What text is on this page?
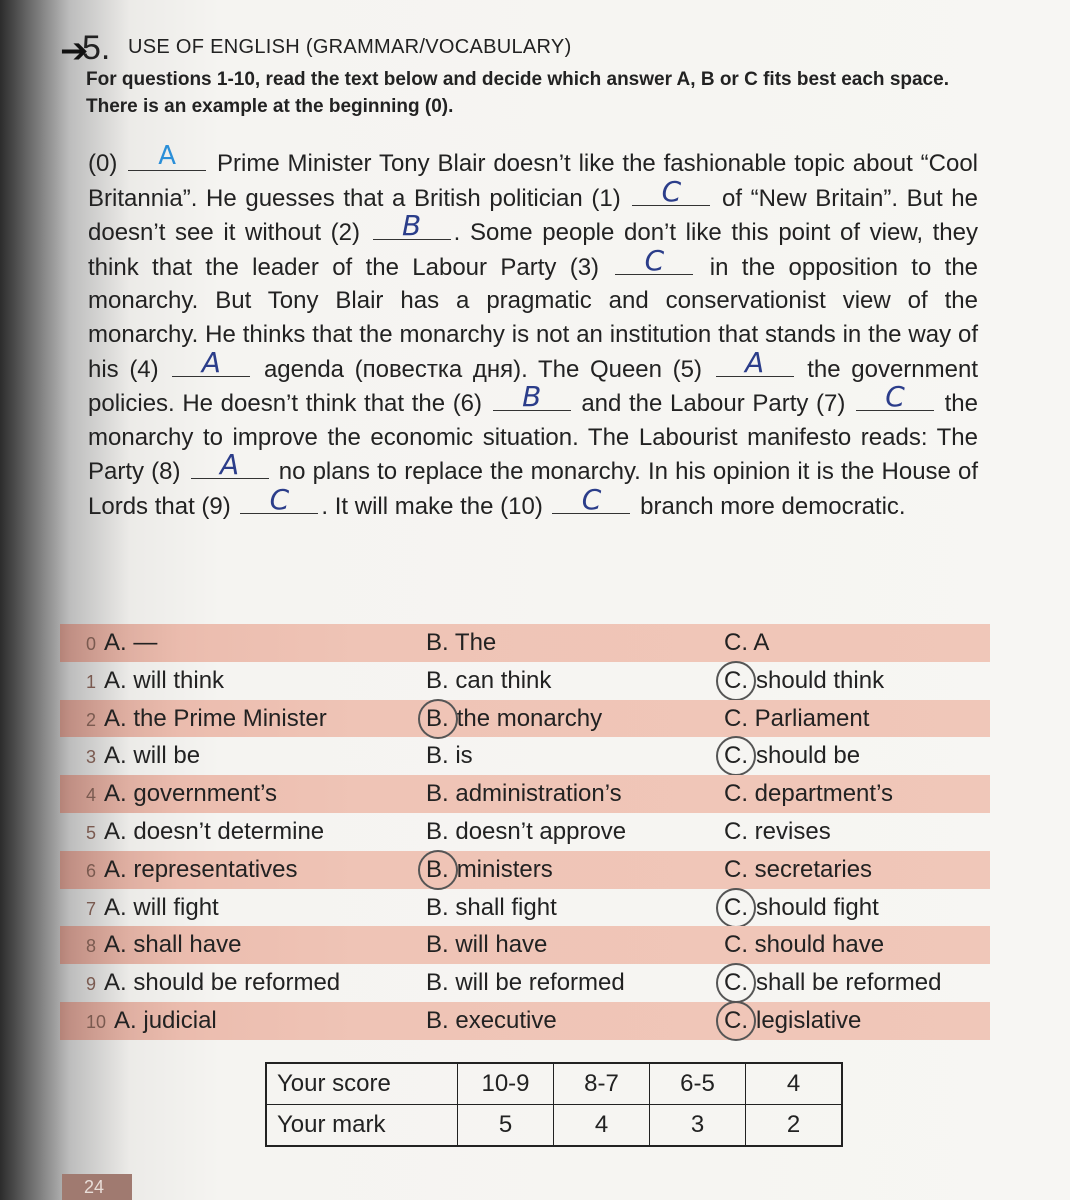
➔
5. USE OF ENGLISH (GRAMMAR/VOCABULARY)
For questions 1-10, read the text below and decide which answer A, B or C fits best each space. There is an example at the beginning (0).
(0)	A	Prime Minister Tony Blair doesn’t like the fashionable topic about “Cool Britannia”. He guesses that a British politician (1)	C	of “New Britain”. But he doesn’t see it without (2)	B	. Some people don’t like this point of view, they think that the leader of the Labour Party (3)	C	in the opposition to the monarchy. But Tony Blair has a pragmatic and conservationist view of the monarchy. He thinks that the monarchy is not an institution that stands in the way of his (4)	A	agenda (повестка дня). The Queen (5)	A	the government policies. He doesn’t think that the (6)	B	and the Labour Party (7)	C	the monarchy to improve the economic situation. The Labourist manifesto reads: The Party (8)	A	no plans to replace the monarchy. In his opinion it is the House of Lords that (9)	C	. It will make the (10)	C	branch more democratic.
0 A. —	B. The	C. A
1 A. will think	B. can think	C. should think
2 A. the Prime Minister	B. the monarchy	C. Parliament
3 A. will be	B. is	C. should be
4 A. government’s	B. administration’s	C. department’s
5 A. doesn’t determine	B. doesn’t approve	C. revises
6 A. representatives	B. ministers	C. secretaries
7 A. will fight	B. shall fight	C. should fight
8 A. shall have	B. will have	C. should have
9 A. should be reformed	B. will be reformed	C. shall be reformed
10 A. judicial	B. executive	C. legislative
Your score	10-9	8-7	6-5	4
Your mark	5	4	3	2
24
